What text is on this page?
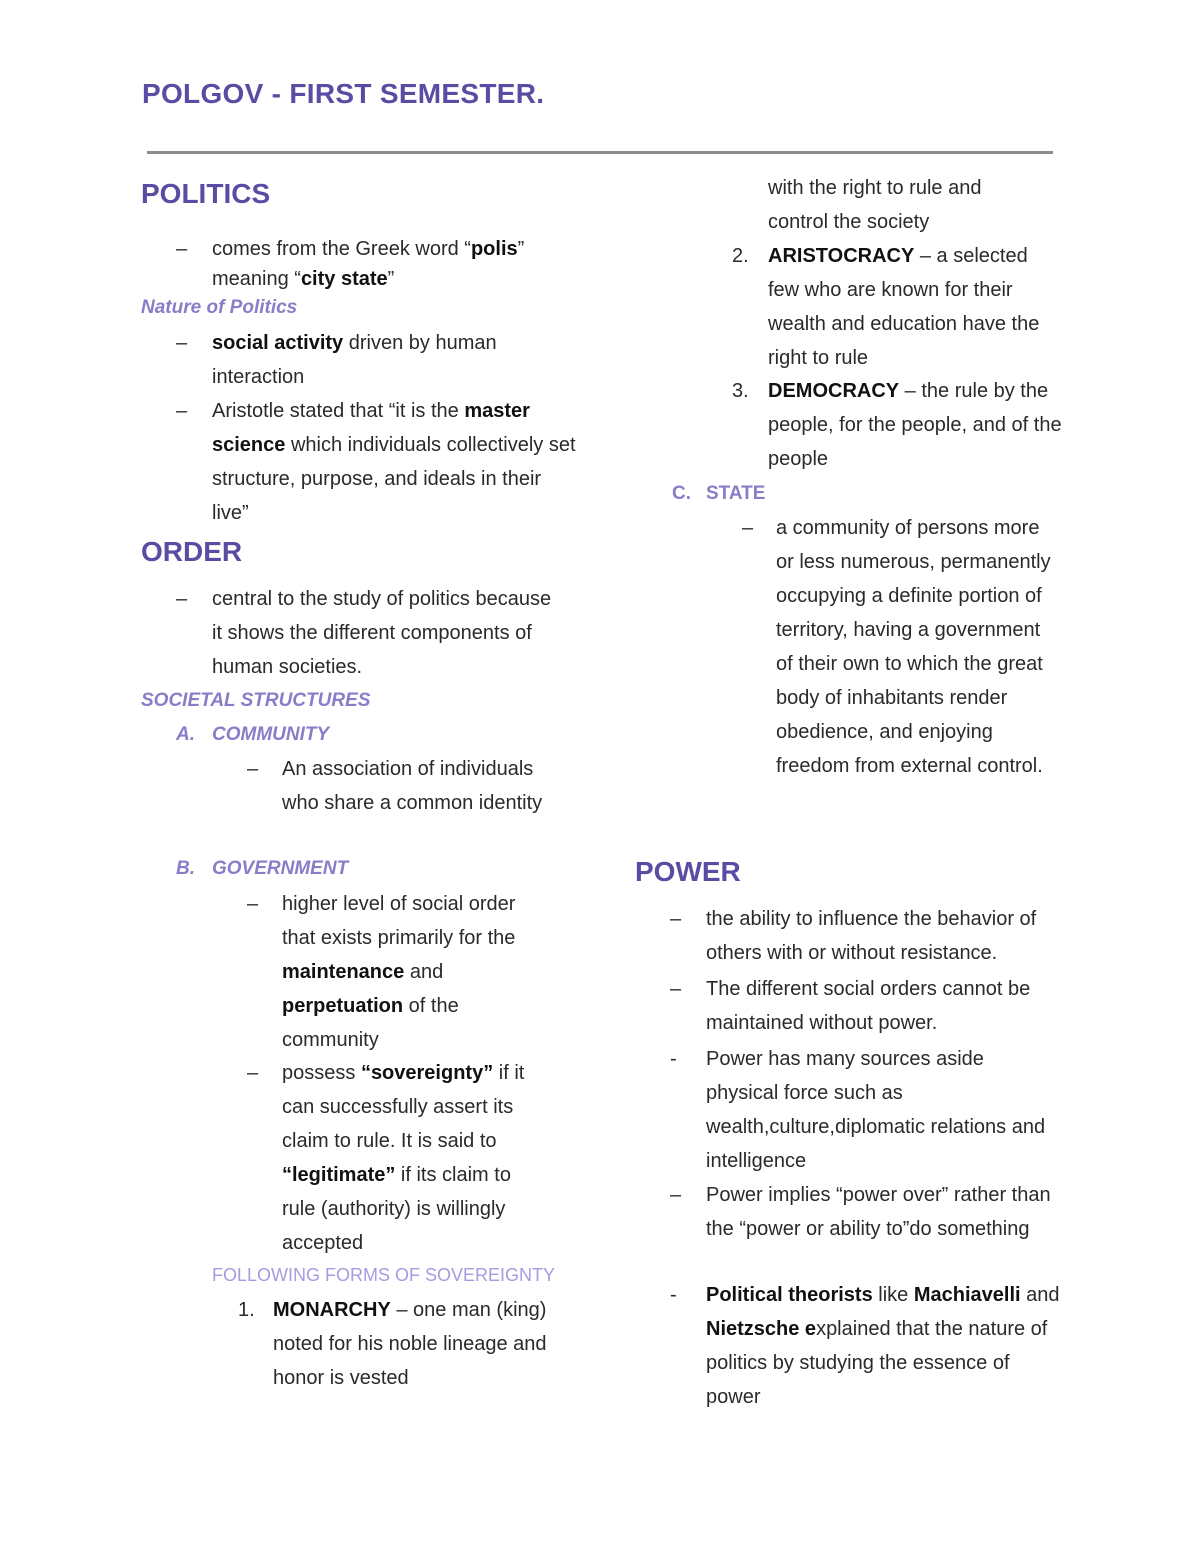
POLGOV - FIRST SEMESTER.
POLITICS
– comes from the Greek word “polis” meaning “city state”
Nature of Politics
– social activity driven by human interaction
– Aristotle stated that “it is the master science which individuals collectively set structure, purpose, and ideals in their live”
ORDER
– central to the study of politics because it shows the different components of human societies.
SOCIETAL STRUCTURES
A. COMMUNITY
– An association of individuals who share a common identity
B. GOVERNMENT
– higher level of social order that exists primarily for the maintenance and perpetuation of the community
– possess “sovereignty” if it can successfully assert its claim to rule. It is said to “legitimate” if its claim to rule (authority) is willingly accepted
FOLLOWING FORMS OF SOVEREIGNTY
1. MONARCHY – one man (king) noted for his noble lineage and honor is vested
with the right to rule and control the society
2. ARISTOCRACY – a selected few who are known for their wealth and education have the right to rule
3. DEMOCRACY – the rule by the people, for the people, and of the people
C. STATE
– a community of persons more or less numerous, permanently occupying a definite portion of territory, having a government of their own to which the great body of inhabitants render obedience, and enjoying freedom from external control.
POWER
– the ability to influence the behavior of others with or without resistance.
– The different social orders cannot be maintained without power.
- Power has many sources aside physical force such as wealth,culture,diplomatic relations and intelligence
– Power implies “power over” rather than the “power or ability to”do something
- Political theorists like Machiavelli and Nietzsche explained that the nature of politics by studying the essence of power
